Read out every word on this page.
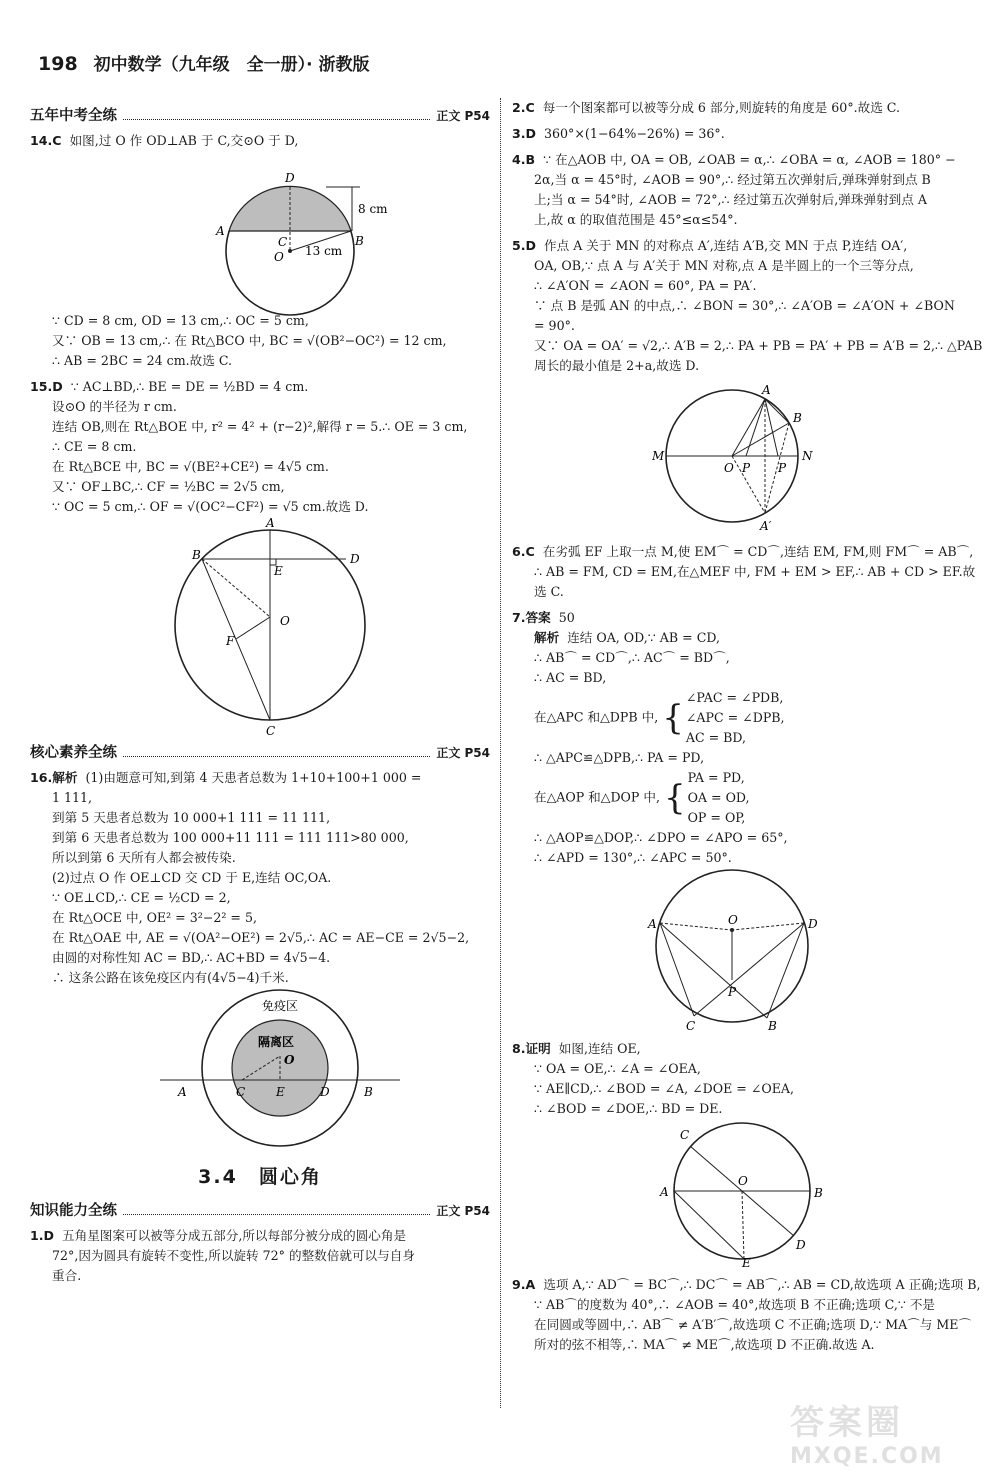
198 初中数学（九年级　全一册）· 浙教版
五年中考全练	正文 P54
14.C 如图,过 O 作 OD⊥AB 于 C,交⊙O 于 D,
D
A
C	B
O
8 cm
13 cm
∵ CD = 8 cm, OD = 13 cm,∴ OC = 5 cm,
又∵ OB = 13 cm,∴ 在 Rt△BCO 中, BC = √(OB²−OC²) = 12 cm,
∴ AB = 2BC = 24 cm.故选 C.
15.D ∵ AC⊥BD,∴ BE = DE = ½BD = 4 cm.
设⊙O 的半径为 r cm.
连结 OB,则在 Rt△BOE 中, r² = 4² + (r−2)²,解得 r = 5.∴ OE = 3 cm,
∴ CE = 8 cm.
在 Rt△BCE 中, BC = √(BE²+CE²) = 4√5 cm.
又∵ OF⊥BC,∴ CF = ½BC = 2√5 cm,
∵ OC = 5 cm,∴ OF = √(OC²−CF²) = √5 cm.故选 D.
A
B	D
E
O
F
C
核心素养全练	正文 P54
16.解析 (1)由题意可知,到第 4 天患者总数为 1+10+100+1 000 =
1 111,
到第 5 天患者总数为 10 000+1 111 = 11 111,
到第 6 天患者总数为 100 000+11 111 = 111 111>80 000,
所以到第 6 天所有人都会被传染.
(2)过点 O 作 OE⊥CD 交 CD 于 E,连结 OC,OA.
∵ OE⊥CD,∴ CE = ½CD = 2,
在 Rt△OCE 中, OE² = 3²−2² = 5,
在 Rt△OAE 中, AE = √(OA²−OE²) = 2√5,∴ AC = AE−CE = 2√5−2,
由圆的对称性知 AC = BD,∴ AC+BD = 4√5−4.
∴ 这条公路在该免疫区内有(4√5−4)千米.
免疫区
隔离区
O
A	C	E	D	B
3.4　圆心角
知识能力全练	正文 P54
1.D 五角星图案可以被等分成五部分,所以每部分被分成的圆心角是
72°,因为圆具有旋转不变性,所以旋转 72° 的整数倍就可以与自身
重合.
2.C 每一个图案都可以被等分成 6 部分,则旋转的角度是 60°.故选 C.
3.D 360°×(1−64%−26%) = 36°.
4.B ∵ 在△AOB 中, OA = OB, ∠OAB = α,∴ ∠OBA = α, ∠AOB = 180° −
2α,当 α = 45°时, ∠AOB = 90°,∴ 经过第五次弹射后,弹珠弹射到点 B
上;当 α = 54°时, ∠AOB = 72°,∴ 经过第五次弹射后,弹珠弹射到点 A
上,故 α 的取值范围是 45°≤α≤54°.
5.D 作点 A 关于 MN 的对称点 A′,连结 A′B,交 MN 于点 P,连结 OA′,
OA, OB,∵ 点 A 与 A′关于 MN 对称,点 A 是半圆上的一个三等分点,
∴ ∠A′ON = ∠AON = 60°, PA = PA′.
∵ 点 B 是弧 AN 的中点,∴ ∠BON = 30°,∴ ∠A′OB = ∠A′ON + ∠BON
= 90°.
又∵ OA = OA′ = √2,∴ A′B = 2,∴ PA + PB = PA′ + PB = A′B = 2,∴ △PAB
周长的最小值是 2+a,故选 D.
A
B
M	N
O P P
A′
6.C 在劣弧 EF 上取一点 M,使 EM⌒ = CD⌒,连结 EM, FM,则 FM⌒ = AB⌒,
∴ AB = FM, CD = EM,在△MEF 中, FM + EM > EF,∴ AB + CD > EF.故
选 C.
7.答案 50
解析 连结 OA, OD,∵ AB = CD,
∴ AB⌒ = CD⌒,∴ AC⌒ = BD⌒,
∴ AC = BD,
在△APC 和△DPB 中, {
∠PAC = ∠PDB,
∠APC = ∠DPB,
AC = BD,
∴ △APC≌△DPB,∴ PA = PD,
在△AOP 和△DOP 中, {
PA = PD,
OA = OD,
OP = OP,
∴ △AOP≌△DOP,∴ ∠DPO = ∠APO = 65°,
∴ ∠APD = 130°,∴ ∠APC = 50°.
A	D
O
P
C	B
8.证明 如图,连结 OE,
∵ OA = OE,∴ ∠A = ∠OEA,
∵ AE∥CD,∴ ∠BOD = ∠A, ∠DOE = ∠OEA,
∴ ∠BOD = ∠DOE,∴ BD = DE.
C
A
O
B
D
E
9.A 选项 A,∵ AD⌒ = BC⌒,∴ DC⌒ = AB⌒,∴ AB = CD,故选项 A 正确;选项 B,
∵ AB⌒的度数为 40°,∴ ∠AOB = 40°,故选项 B 不正确;选项 C,∵ 不是
在同圆或等圆中,∴ AB⌒ ≠ A′B′⌒,故选项 C 不正确;选项 D,∵ MA⌒与 ME⌒
所对的弦不相等,∴ MA⌒ ≠ ME⌒,故选项 D 不正确.故选 A.
答案圈
MXQE.COM
